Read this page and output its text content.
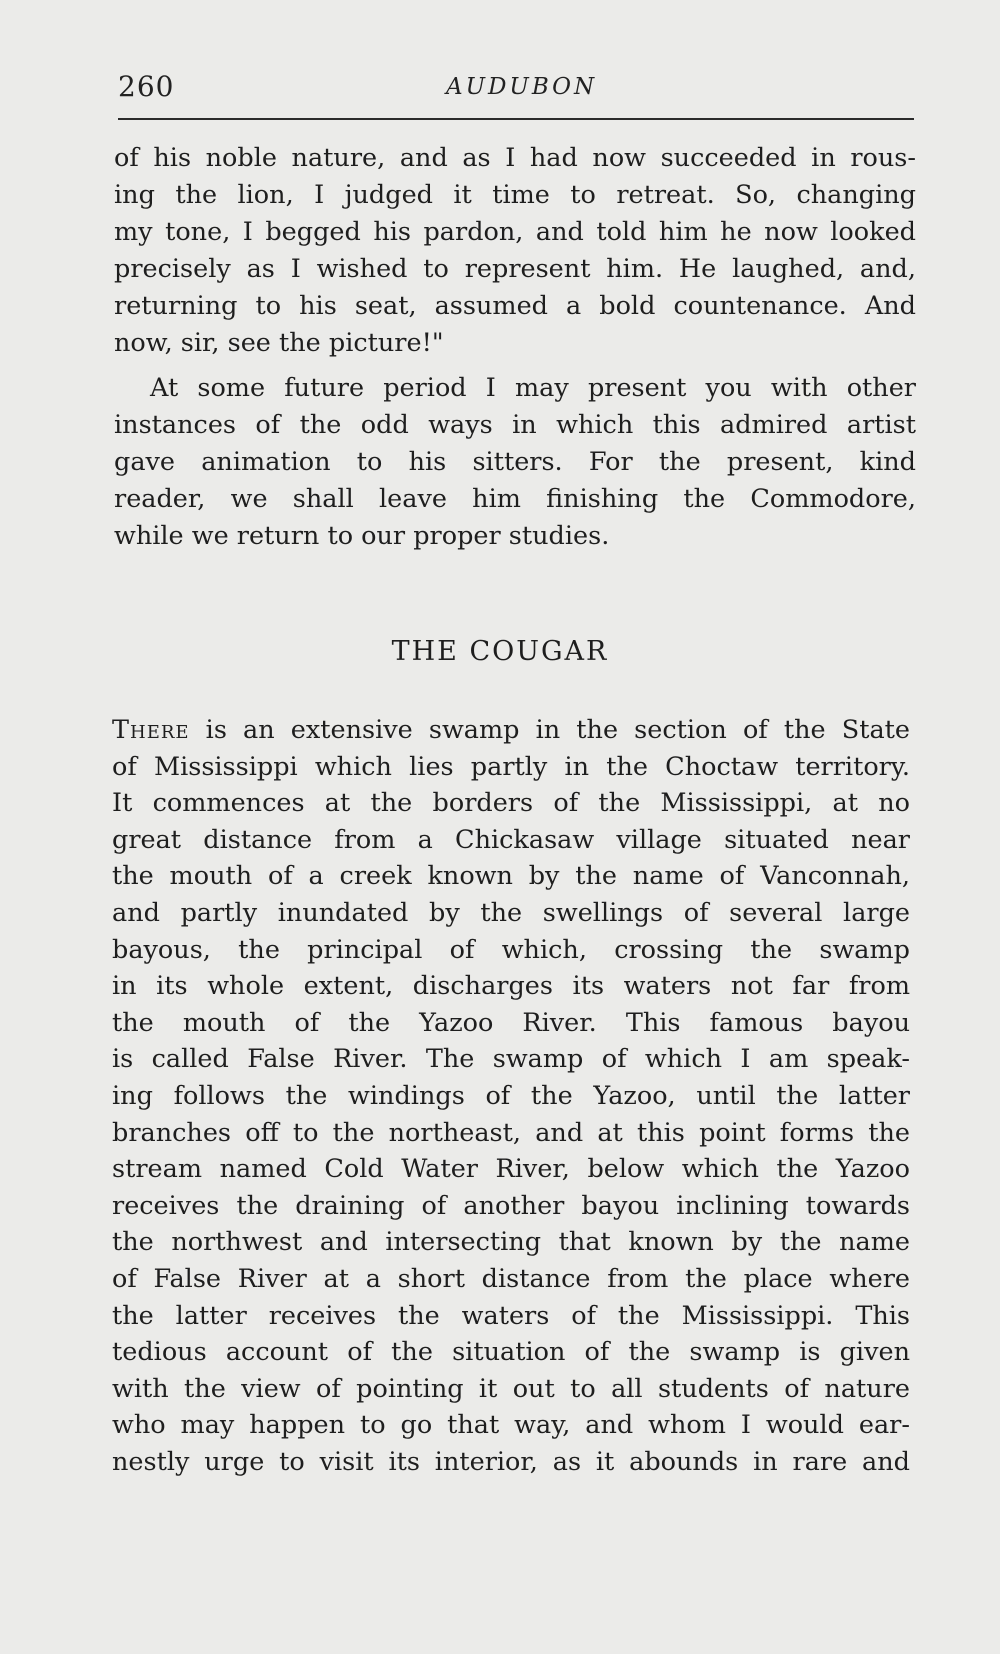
260	AUDUBON
of his noble nature, and as I had now succeeded in rous-
ing the lion, I judged it time to retreat. So, changing
my tone, I begged his pardon, and told him he now looked
precisely as I wished to represent him. He laughed, and,
returning to his seat, assumed a bold countenance. And
now, sir, see the picture!"
At some future period I may present you with other
instances of the odd ways in which this admired artist
gave animation to his sitters. For the present, kind
reader, we shall leave him finishing the Commodore,
while we return to our proper studies.
THE COUGAR
There is an extensive swamp in the section of the State
of Mississippi which lies partly in the Choctaw territory.
It commences at the borders of the Mississippi, at no
great distance from a Chickasaw village situated near
the mouth of a creek known by the name of Vanconnah,
and partly inundated by the swellings of several large
bayous, the principal of which, crossing the swamp
in its whole extent, discharges its waters not far from
the mouth of the Yazoo River. This famous bayou
is called False River. The swamp of which I am speak-
ing follows the windings of the Yazoo, until the latter
branches off to the northeast, and at this point forms the
stream named Cold Water River, below which the Yazoo
receives the draining of another bayou inclining towards
the northwest and intersecting that known by the name
of False River at a short distance from the place where
the latter receives the waters of the Mississippi. This
tedious account of the situation of the swamp is given
with the view of pointing it out to all students of nature
who may happen to go that way, and whom I would ear-
nestly urge to visit its interior, as it abounds in rare and
